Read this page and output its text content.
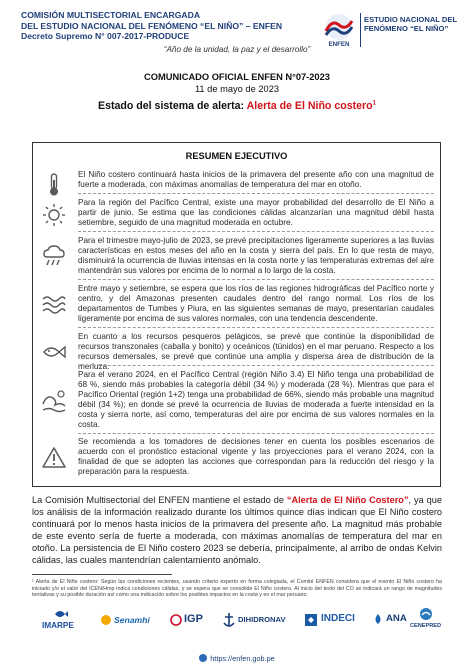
COMISIÓN MULTISECTORIAL ENCARGADA
DEL ESTUDIO NACIONAL DEL FENÓMENO “EL NIÑO” – ENFEN
Decreto Supremo N° 007-2017-PRODUCE
ENFEN
ESTUDIO NACIONAL DEL
FENÓMENO “EL NIÑO”
“Año de la unidad, la paz y el desarrollo”
COMUNICADO OFICIAL ENFEN N°07-2023
11 de mayo de 2023
Estado del sistema de alerta: Alerta de El Niño costero$^1$
RESUMEN EJECUTIVO
El Niño costero continuará hasta inicios de la primavera del presente año con una magnitud de fuerte a moderada, con máximas anomalías de temperatura del mar en otoño.
Para la región del Pacífico Central, existe una mayor probabilidad del desarrollo de El Niño a partir de junio. Se estima que las condiciones cálidas alcanzarían una magnitud débil hasta setiembre, seguido de una magnitud moderada en octubre.
Para el trimestre mayo-julio de 2023, se prevé precipitaciones ligeramente superiores a las lluvias características en estos meses del año en la costa y sierra del país. En lo que resta de mayo, disminuirá la ocurrencia de lluvias intensas en la costa norte y las temperaturas extremas del aire mantendrán sus valores por encima de lo normal a lo largo de la costa.
Entre mayo y setiembre, se espera que los ríos de las regiones hidrográficas del Pacífico norte y centro, y del Amazonas presenten caudales dentro del rango normal. Los ríos de los departamentos de Tumbes y Piura, en las siguientes semanas de mayo, presentarían caudales ligeramente por encima de sus valores normales, con una tendencia descendente.
En cuanto a los recursos pesqueros pelágicos, se prevé que continúe la disponibilidad de recursos transzonales (caballa y bonito) y oceánicos (túnidos) en el mar peruano. Respecto a los recursos demersales, se prevé que continúe una amplia y dispersa área de distribución de la merluza.
Para el verano 2024, en el Pacífico Central (región Niño 3.4) El Niño tenga una probabilidad de 68 %, siendo más probables la categoría débil (34 %) y moderada (28 %). Mientras que para el Pacífico Oriental (región 1+2) tenga una probabilidad de 66%, siendo más probable una magnitud débil (34 %); en donde se prevé la ocurrencia de lluvias de moderada a fuerte intensidad en la costa y sierra norte, así como, temperaturas del aire por encima de sus valores normales en la costa.
Se recomienda a los tomadores de decisiones tener en cuenta los posibles escenarios de acuerdo con el pronóstico estacional vigente y las proyecciones para el verano 2024, con la finalidad de que se adopten las acciones que correspondan para la reducción del riesgo y la preparación para la respuesta.
La Comisión Multisectorial del ENFEN mantiene el estado de “Alerta de El Niño Costero”, ya que los análisis de la información realizado durante los últimos quince días indican que El Niño costero continuará por lo menos hasta inicios de la primavera del presente año. La magnitud más probable de este evento sería de fuerte a moderada, con máximas anomalías de temperatura del mar en otoño. La persistencia de El Niño costero 2023 se debería, principalmente, al arribo de ondas Kelvin cálidas, las cuales mantendrían calentamiento anómalo.
¹ Alerta de El Niño costero: Según las condiciones recientes, usando criterio experto en forma colegiada, el Comité ENFEN considera que el evento El Niño costero ha iniciado y/o el valor del ICEN/Hmp indica condiciones cálidas, y se espera que se consolide El Niño costero. Al inicio del texto del CO se indicará un rango de magnitudes tentativas y su posible duración así como una indicación sobre los posibles impactos en la costa y en el mar peruano.
IMARPE
Senamhi	IGP	DIHIDRONAV	INDECI	ANA
CENEPRED
https://enfen.gob.pe
